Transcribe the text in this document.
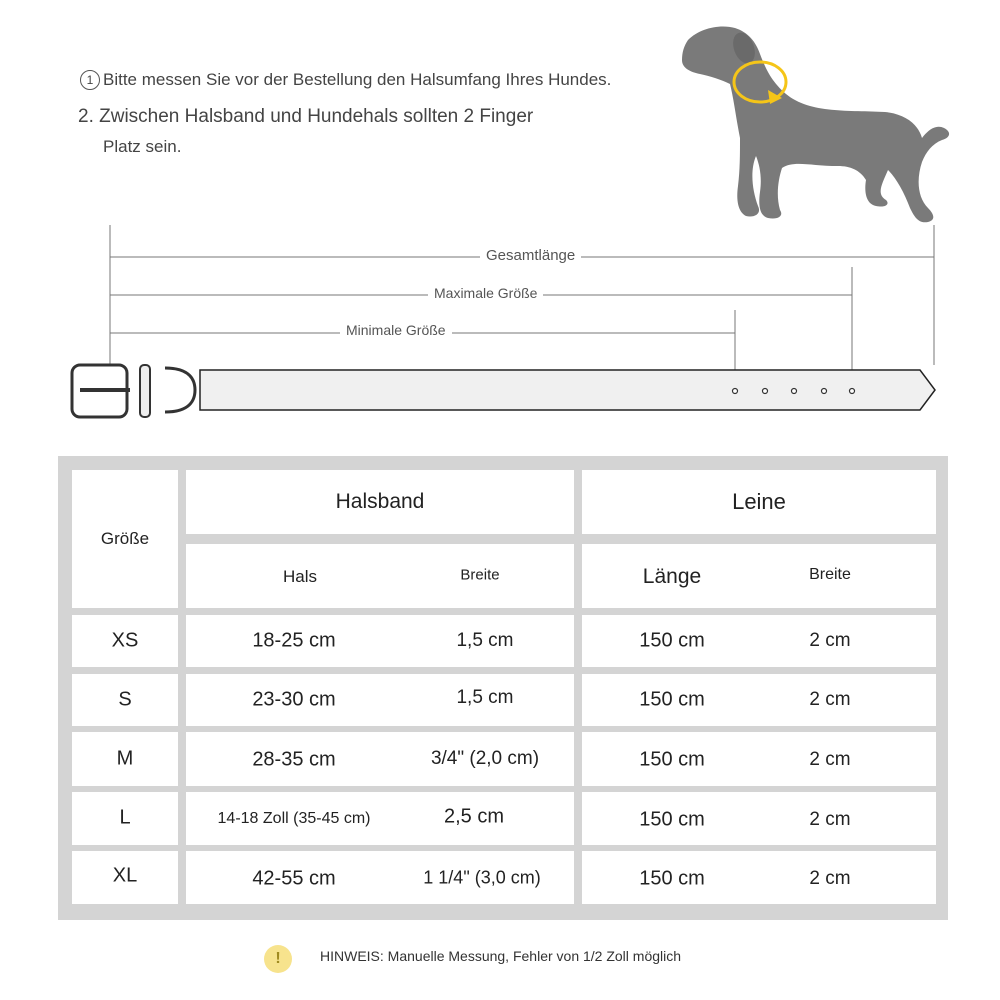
1 Bitte messen Sie vor der Bestellung den Halsumfang Ihres Hundes.
2. Zwischen Halsband und Hundehals sollten 2 Finger
Platz sein.
Gesamtlänge
Maximale Größe
Minimale Größe
Größe
Halsband	Leine
Hals	Breite	Länge	Breite
XS	18-25 cm	1,5 cm	150 cm	2 cm
S	23-30 cm	1,5 cm	150 cm	2 cm
M	28-35 cm	3/4" (2,0 cm)	150 cm	2 cm
L	14-18 Zoll (35-45 cm)	2,5 cm	150 cm	2 cm
XL	42-55 cm	1 1/4" (3,0 cm)	150 cm	2 cm
!	HINWEIS: Manuelle Messung, Fehler von 1/2 Zoll möglich
